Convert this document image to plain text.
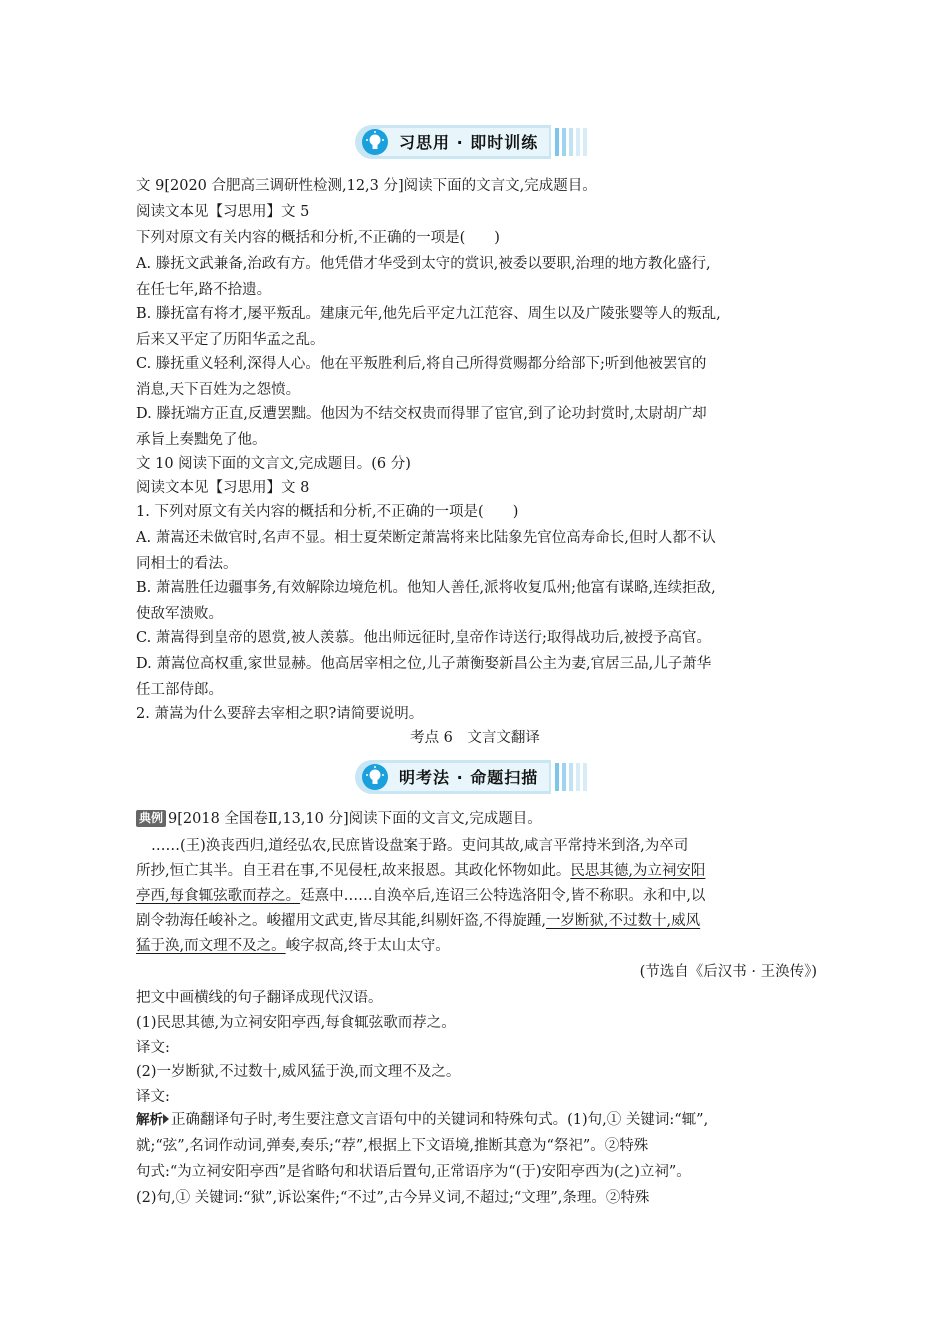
习思用 · 即时训练
文 9[2020 合肥高三调研性检测,12,3 分]阅读下面的文言文,完成题目。
阅读文本见【习思用】文 5
下列对原文有关内容的概括和分析,不正确的一项是(　　)
A. 滕抚文武兼备,治政有方。他凭借才华受到太守的赏识,被委以要职,治理的地方教化盛行,
在任七年,路不拾遗。
B. 滕抚富有将才,屡平叛乱。建康元年,他先后平定九江范容、周生以及广陵张婴等人的叛乱,
后来又平定了历阳华孟之乱。
C. 滕抚重义轻利,深得人心。他在平叛胜利后,将自己所得赏赐都分给部下;听到他被罢官的
消息,天下百姓为之怨愤。
D. 滕抚端方正直,反遭罢黜。他因为不结交权贵而得罪了宦官,到了论功封赏时,太尉胡广却
承旨上奏黜免了他。
文 10 阅读下面的文言文,完成题目。(6 分)
阅读文本见【习思用】文 8
1. 下列对原文有关内容的概括和分析,不正确的一项是(　　)
A. 萧嵩还未做官时,名声不显。相士夏荣断定萧嵩将来比陆象先官位高寿命长,但时人都不认
同相士的看法。
B. 萧嵩胜任边疆事务,有效解除边境危机。他知人善任,派将收复瓜州;他富有谋略,连续拒敌,
使敌军溃败。
C. 萧嵩得到皇帝的恩赏,被人羡慕。他出师远征时,皇帝作诗送行;取得战功后,被授予高官。
D. 萧嵩位高权重,家世显赫。他高居宰相之位,儿子萧衡娶新昌公主为妻,官居三品,儿子萧华
任工部侍郎。
2. 萧嵩为什么要辞去宰相之职?请简要说明。
考点 6　文言文翻译
明考法 · 命题扫描
典例 9[2018 全国卷Ⅱ,13,10 分]阅读下面的文言文,完成题目。
……(王)涣丧西归,道经弘农,民庶皆设盘案于路。吏问其故,咸言平常持米到洛,为卒司
所抄,恒亡其半。自王君在事,不见侵枉,故来报恩。其政化怀物如此。民思其德,为立祠安阳
亭西,每食辄弦歌而荐之。廷熹中……自涣卒后,连诏三公特选洛阳令,皆不称职。永和中,以
剧令勃海任峻补之。峻擢用文武吏,皆尽其能,纠剔奸盗,不得旋踵,一岁断狱,不过数十,威风
猛于涣,而文理不及之。峻字叔高,终于太山太守。
(节选自《后汉书 · 王涣传》)
把文中画横线的句子翻译成现代汉语。
(1)民思其德,为立祠安阳亭西,每食辄弦歌而荐之。
译文:
(2)一岁断狱,不过数十,威风猛于涣,而文理不及之。
译文:
解析 正确翻译句子时,考生要注意文言语句中的关键词和特殊句式。(1)句,① 关键词:“辄”,
就;“弦”,名词作动词,弹奏,奏乐;“荐”,根据上下文语境,推断其意为“祭祀”。②特殊
句式:“为立祠安阳亭西”是省略句和状语后置句,正常语序为“(于)安阳亭西为(之)立祠”。
(2)句,① 关键词:“狱”,诉讼案件;“不过”,古今异义词,不超过;“文理”,条理。②特殊
